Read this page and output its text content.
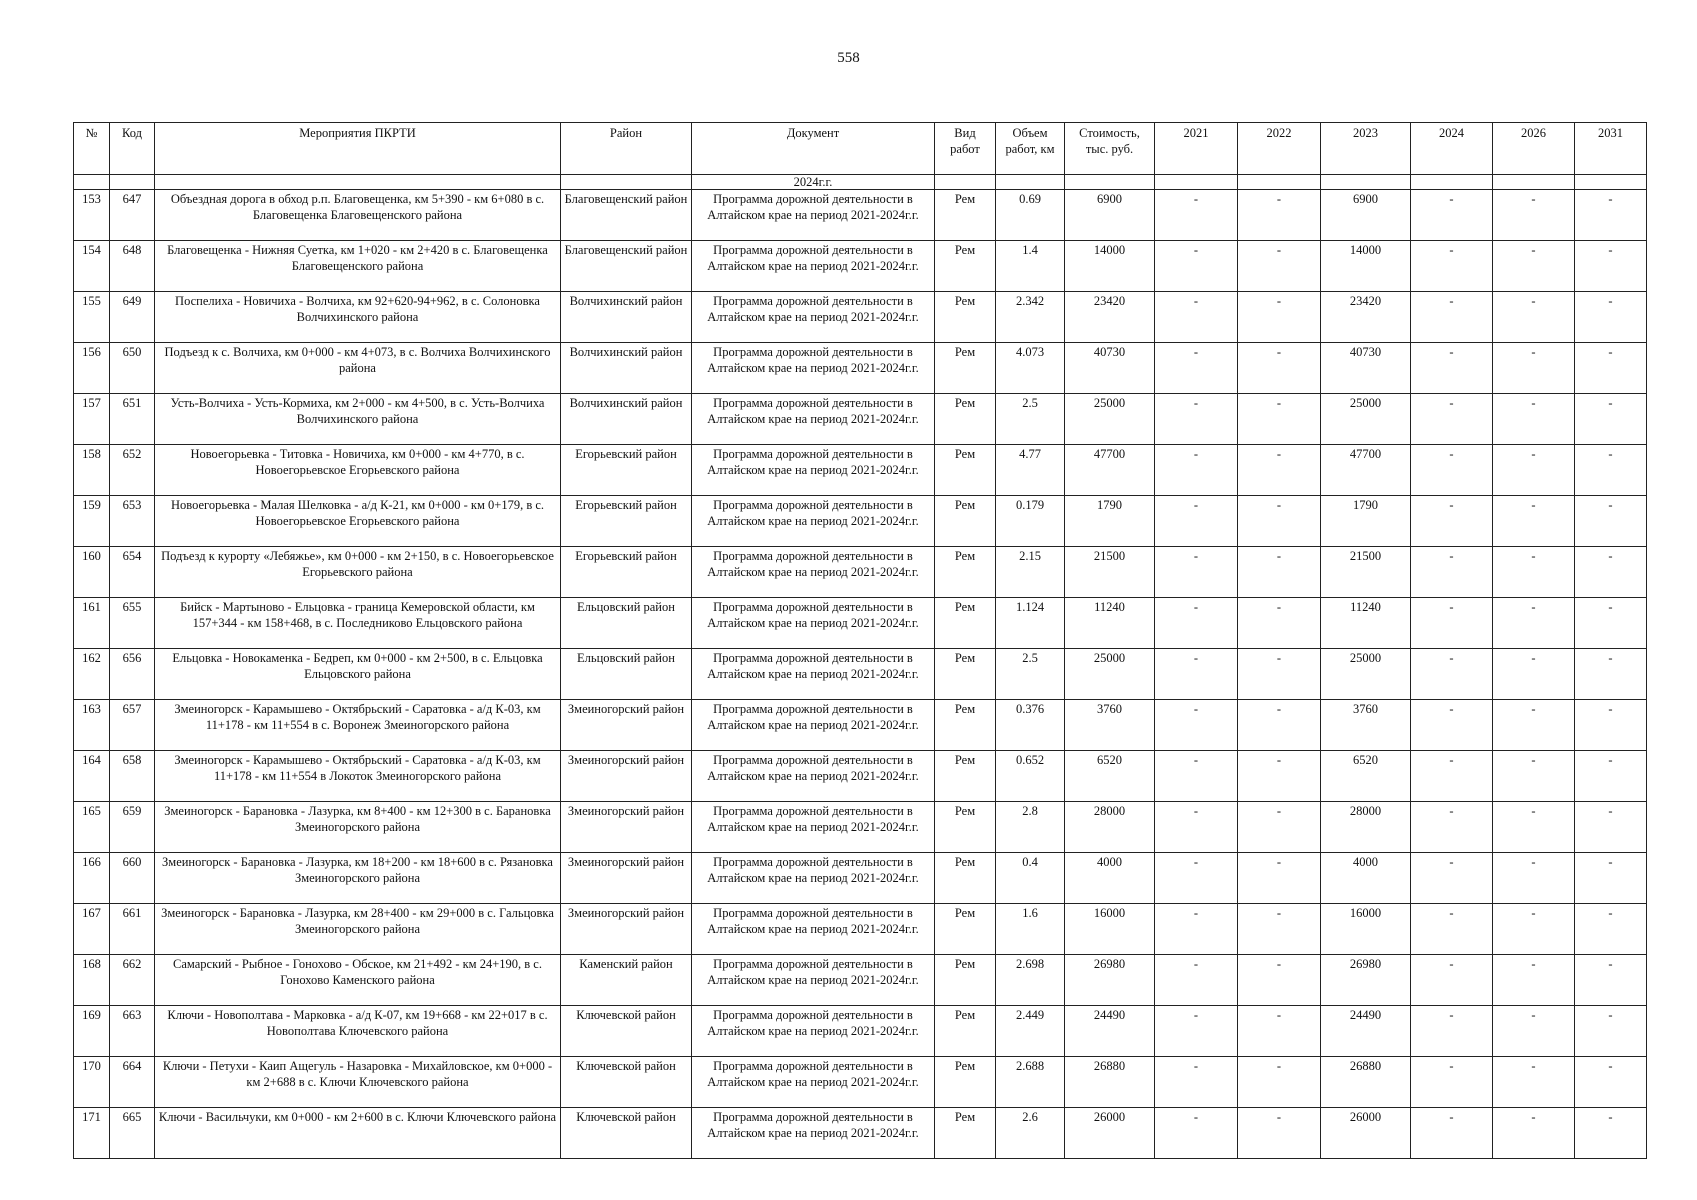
558
№	Код	Мероприятия ПКРТИ	Район	Документ	Вид работ	Объем работ, км	Стоимость, тыс. руб.	2021	2022	2023	2024	2026	2031
				2024г.г.									
153	647	Объездная дорога в обход р.п. Благовещенка, км 5+390 - км 6+080 в с. Благовещенка Благовещенского района	Благовещенский район	Программа дорожной деятельности в Алтайском крае на период 2021-2024г.г.	Рем	0.69	6900	-	-	6900	-	-	-
154	648	Благовещенка - Нижняя Суетка, км 1+020 - км 2+420 в с. Благовещенка Благовещенского района	Благовещенский район	Программа дорожной деятельности в Алтайском крае на период 2021-2024г.г.	Рем	1.4	14000	-	-	14000	-	-	-
155	649	Поспелиха - Новичиха - Волчиха, км 92+620-94+962, в с. Солоновка Волчихинского района	Волчихинский район	Программа дорожной деятельности в Алтайском крае на период 2021-2024г.г.	Рем	2.342	23420	-	-	23420	-	-	-
156	650	Подъезд к с. Волчиха, км 0+000 - км 4+073, в с. Волчиха Волчихинского района	Волчихинский район	Программа дорожной деятельности в Алтайском крае на период 2021-2024г.г.	Рем	4.073	40730	-	-	40730	-	-	-
157	651	Усть-Волчиха - Усть-Кормиха, км 2+000 - км 4+500, в с. Усть-Волчиха Волчихинского района	Волчихинский район	Программа дорожной деятельности в Алтайском крае на период 2021-2024г.г.	Рем	2.5	25000	-	-	25000	-	-	-
158	652	Новоегорьевка - Титовка - Новичиха, км 0+000 - км 4+770, в с. Новоегорьевское Егорьевского района	Егорьевский район	Программа дорожной деятельности в Алтайском крае на период 2021-2024г.г.	Рем	4.77	47700	-	-	47700	-	-	-
159	653	Новоегорьевка - Малая Шелковка - а/д К-21, км 0+000 - км 0+179, в с. Новоегорьевское Егорьевского района	Егорьевский район	Программа дорожной деятельности в Алтайском крае на период 2021-2024г.г.	Рем	0.179	1790	-	-	1790	-	-	-
160	654	Подъезд к курорту «Лебяжье», км 0+000 - км 2+150, в с. Новоегорьевское Егорьевского района	Егорьевский район	Программа дорожной деятельности в Алтайском крае на период 2021-2024г.г.	Рем	2.15	21500	-	-	21500	-	-	-
161	655	Бийск - Мартыново - Ельцовка - граница Кемеровской области, км 157+344 - км 158+468, в с. Последниково Ельцовского района	Ельцовский район	Программа дорожной деятельности в Алтайском крае на период 2021-2024г.г.	Рем	1.124	11240	-	-	11240	-	-	-
162	656	Ельцовка - Новокаменка - Бедреп, км 0+000 - км 2+500, в с. Ельцовка Ельцовского района	Ельцовский район	Программа дорожной деятельности в Алтайском крае на период 2021-2024г.г.	Рем	2.5	25000	-	-	25000	-	-	-
163	657	Змеиногорск - Карамышево - Октябрьский - Саратовка - а/д К-03, км 11+178 - км 11+554 в с. Воронеж Змеиногорского района	Змеиногорский район	Программа дорожной деятельности в Алтайском крае на период 2021-2024г.г.	Рем	0.376	3760	-	-	3760	-	-	-
164	658	Змеиногорск - Карамышево - Октябрьский - Саратовка - а/д К-03, км 11+178 - км 11+554 в Локоток Змеиногорского района	Змеиногорский район	Программа дорожной деятельности в Алтайском крае на период 2021-2024г.г.	Рем	0.652	6520	-	-	6520	-	-	-
165	659	Змеиногорск - Барановка - Лазурка, км 8+400 - км 12+300 в с. Барановка Змеиногорского района	Змеиногорский район	Программа дорожной деятельности в Алтайском крае на период 2021-2024г.г.	Рем	2.8	28000	-	-	28000	-	-	-
166	660	Змеиногорск - Барановка - Лазурка, км 18+200 - км 18+600 в с. Рязановка Змеиногорского района	Змеиногорский район	Программа дорожной деятельности в Алтайском крае на период 2021-2024г.г.	Рем	0.4	4000	-	-	4000	-	-	-
167	661	Змеиногорск - Барановка - Лазурка, км 28+400 - км 29+000 в с. Гальцовка Змеиногорского района	Змеиногорский район	Программа дорожной деятельности в Алтайском крае на период 2021-2024г.г.	Рем	1.6	16000	-	-	16000	-	-	-
168	662	Самарский - Рыбное - Гонохово - Обское, км 21+492 - км 24+190, в с. Гонохово Каменского района	Каменский район	Программа дорожной деятельности в Алтайском крае на период 2021-2024г.г.	Рем	2.698	26980	-	-	26980	-	-	-
169	663	Ключи - Новополтава - Марковка - а/д К-07, км 19+668 - км 22+017 в с. Новополтава Ключевского района	Ключевской район	Программа дорожной деятельности в Алтайском крае на период 2021-2024г.г.	Рем	2.449	24490	-	-	24490	-	-	-
170	664	Ключи - Петухи - Каип Ащегуль - Назаровка - Михайловское, км 0+000 - км 2+688 в с. Ключи Ключевского района	Ключевской район	Программа дорожной деятельности в Алтайском крае на период 2021-2024г.г.	Рем	2.688	26880	-	-	26880	-	-	-
171	665	Ключи - Васильчуки, км 0+000 - км 2+600 в с. Ключи Ключевского района	Ключевской район	Программа дорожной деятельности в Алтайском крае на период 2021-2024г.г.	Рем	2.6	26000	-	-	26000	-	-	-
